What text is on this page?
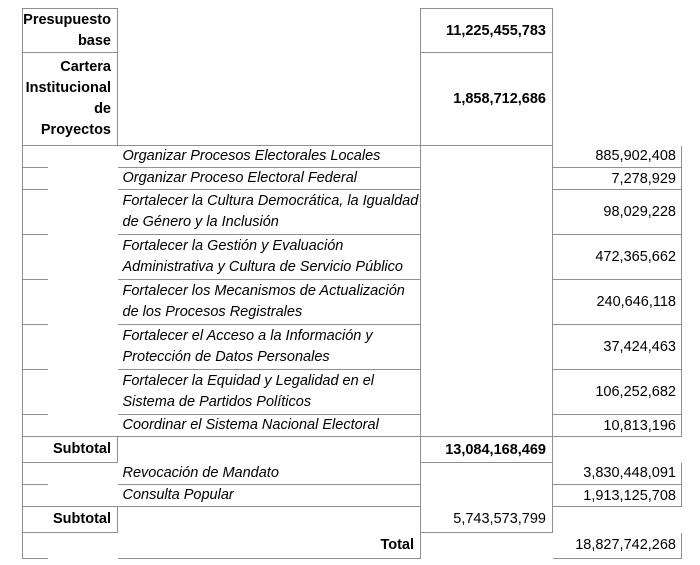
Presupuesto
base			11,225,455,783	

Cartera
Institucional
de
Proyectos			1,858,712,686	

		Organizar Procesos Electorales Locales		885,902,408

		Organizar Proceso Electoral Federal		7,278,929

		Fortalecer la Cultura Democrática, la Igualdad
de Género y la Inclusión		98,029,228

		Fortalecer la Gestión y Evaluación
Administrativa y Cultura de Servicio Público		472,365,662

		Fortalecer los Mecanismos de Actualización
de los Procesos Registrales		240,646,118

		Fortalecer el Acceso a la Información y
Protección de Datos Personales		37,424,463

		Fortalecer la Equidad y Legalidad en el
Sistema de Partidos Políticos		106,252,682

		Coordinar el Sistema Nacional Electoral		10,813,196
Subtotal			13,084,168,469	

		Revocación de Mandato		3,830,448,091

		Consulta Popular		1,913,125,708
Subtotal			5,743,573,799	
		Total		18,827,742,268
